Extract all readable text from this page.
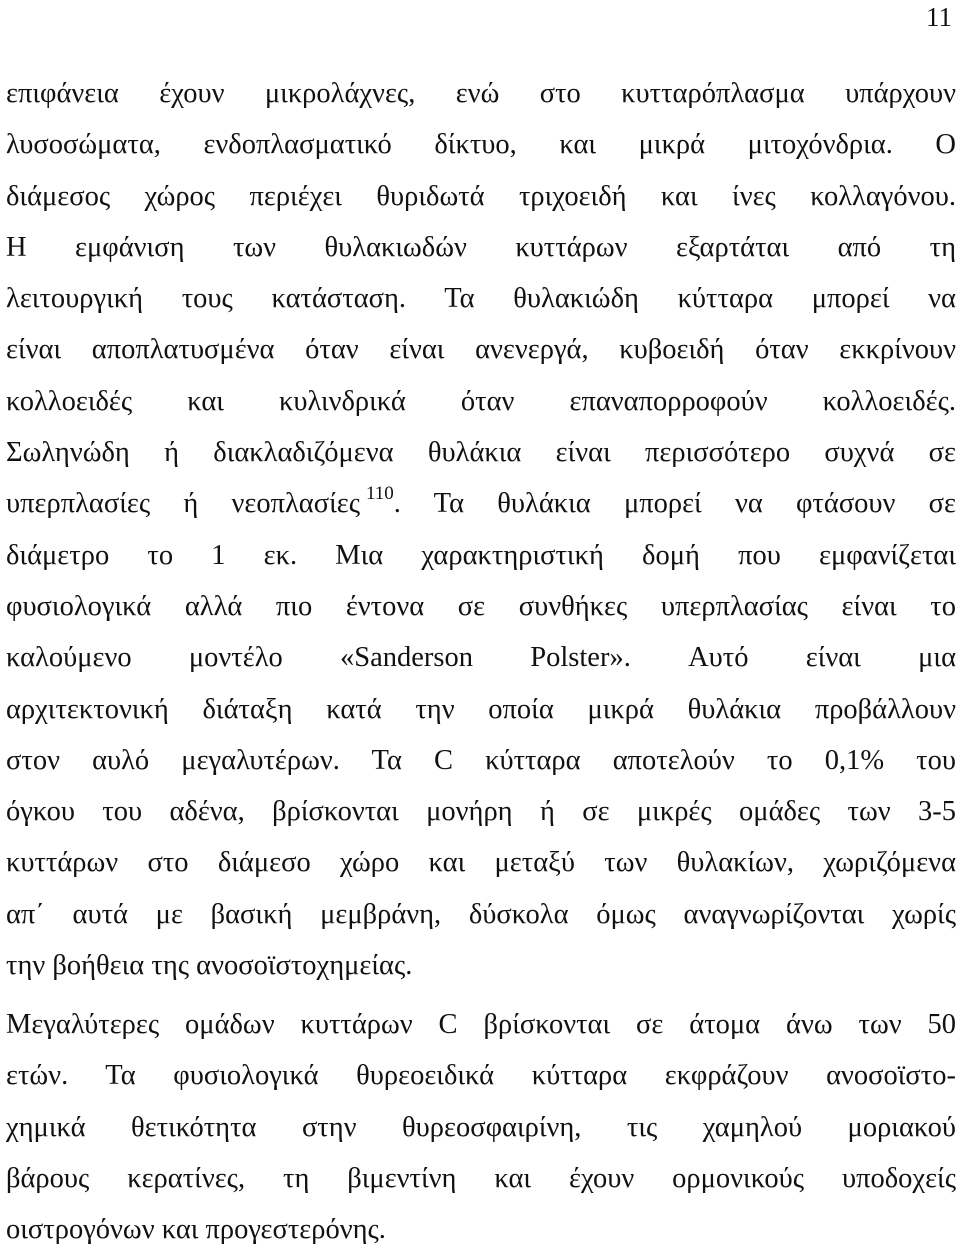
11
επιφάνεια έχουν μικρολάχνες, ενώ στο κυτταρόπλασμα υπάρχουν
λυσοσώματα, ενδοπλασματικό δίκτυο, και μικρά μιτοχόνδρια. Ο
διάμεσος χώρος περιέχει θυριδωτά τριχοειδή και ίνες κολλαγόνου.
Η εμφάνιση των θυλακιωδών κυττάρων εξαρτάται από τη
λειτουργική τους κατάσταση. Τα θυλακιώδη κύτταρα μπορεί να
είναι αποπλατυσμένα όταν είναι ανενεργά, κυβοειδή όταν εκκρίνουν
κολλοειδές και κυλινδρικά όταν επαναπορροφούν κολλοειδές.
Σωληνώδη ή διακλαδιζόμενα θυλάκια είναι περισσότερο συχνά σε
υπερπλασίες ή νεοπλασίες $^{110}$. Τα θυλάκια μπορεί να φτάσουν σε
διάμετρο το 1 εκ. Μια χαρακτηριστική δομή που εμφανίζεται
φυσιολογικά αλλά πιο έντονα σε συνθήκες υπερπλασίας είναι το
καλούμενο μοντέλο «Sanderson Polster». Αυτό είναι μια
αρχιτεκτονική διάταξη κατά την οποία μικρά θυλάκια προβάλλουν
στον αυλό μεγαλυτέρων. Τα C κύτταρα αποτελούν το 0,1% του
όγκου του αδένα, βρίσκονται μονήρη ή σε μικρές ομάδες των 3-5
κυττάρων στο διάμεσο χώρο και μεταξύ των θυλακίων, χωριζόμενα
απ΄ αυτά με βασική μεμβράνη, δύσκολα όμως αναγνωρίζονται χωρίς
την βοήθεια της ανοσοϊστοχημείας.
Μεγαλύτερες ομάδων κυττάρων C βρίσκονται σε άτομα άνω των 50
ετών. Τα φυσιολογικά θυρεοειδικά κύτταρα εκφράζουν ανοσοϊστο-
χημικά θετικότητα στην θυρεοσφαιρίνη, τις χαμηλού μοριακού
βάρους κερατίνες, τη βιμεντίνη και έχουν ορμονικούς υποδοχείς
οιστρογόνων και προγεστερόνης.
